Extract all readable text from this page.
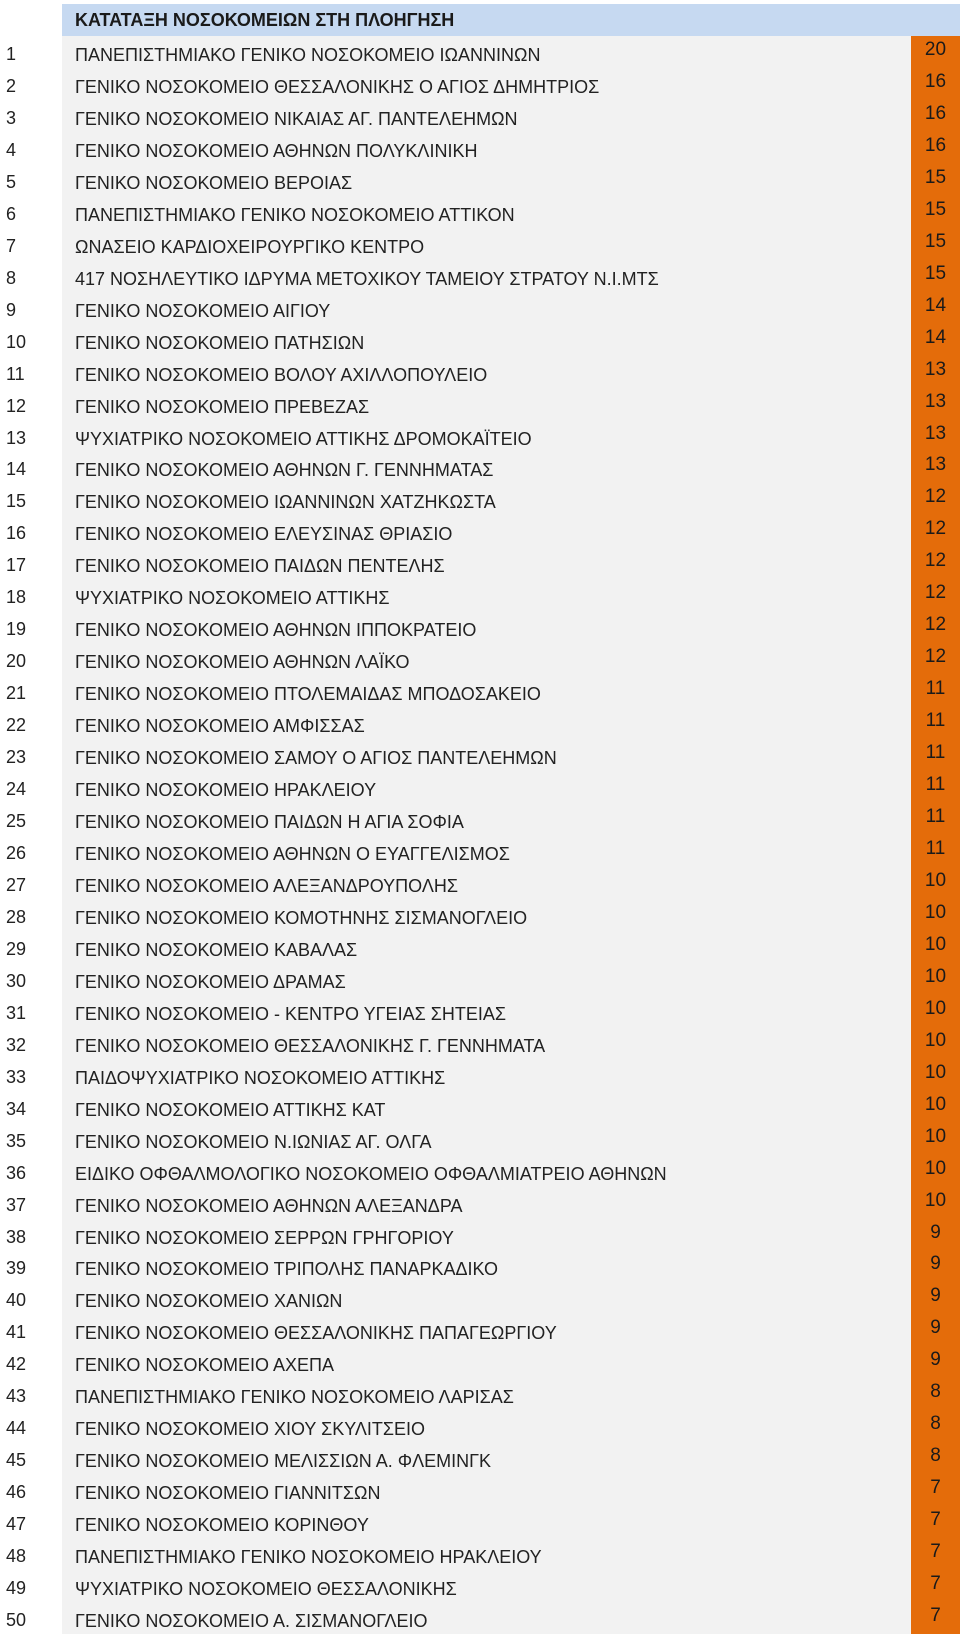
ΚΑΤΑΤΑΞΗ ΝΟΣΟΚΟΜΕΙΩΝ ΣΤΗ ΠΛΟΗΓΗΣΗ
1	ΠΑΝΕΠΙΣΤΗΜΙΑΚΟ ΓΕΝΙΚΟ ΝΟΣΟΚΟΜΕΙΟ ΙΩΑΝΝΙΝΩΝ	20
2	ΓΕΝΙΚΟ ΝΟΣΟΚΟΜΕΙΟ ΘΕΣΣΑΛΟΝΙΚΗΣ Ο ΑΓΙΟΣ ΔΗΜΗΤΡΙΟΣ	16
3	ΓΕΝΙΚΟ ΝΟΣΟΚΟΜΕΙΟ ΝΙΚΑΙΑΣ ΑΓ. ΠΑΝΤΕΛΕΗΜΩΝ	16
4	ΓΕΝΙΚΟ ΝΟΣΟΚΟΜΕΙΟ ΑΘΗΝΩΝ ΠΟΛΥΚΛΙΝΙΚΗ	16
5	ΓΕΝΙΚΟ ΝΟΣΟΚΟΜΕΙΟ ΒΕΡΟΙΑΣ	15
6	ΠΑΝΕΠΙΣΤΗΜΙΑΚΟ ΓΕΝΙΚΟ ΝΟΣΟΚΟΜΕΙΟ ΑΤΤΙΚΟΝ	15
7	ΩΝΑΣΕΙΟ ΚΑΡΔΙΟΧΕΙΡΟΥΡΓΙΚΟ ΚΕΝΤΡΟ	15
8	417 ΝΟΣΗΛΕΥΤΙΚΟ ΙΔΡΥΜΑ ΜΕΤΟΧΙΚΟΥ ΤΑΜΕΙΟΥ ΣΤΡΑΤΟΥ Ν.Ι.ΜΤΣ	15
9	ΓΕΝΙΚΟ ΝΟΣΟΚΟΜΕΙΟ ΑΙΓΙΟΥ	14
10	ΓΕΝΙΚΟ ΝΟΣΟΚΟΜΕΙΟ ΠΑΤΗΣΙΩΝ	14
11	ΓΕΝΙΚΟ ΝΟΣΟΚΟΜΕΙΟ ΒΟΛΟΥ ΑΧΙΛΛΟΠΟΥΛΕΙΟ	13
12	ΓΕΝΙΚΟ ΝΟΣΟΚΟΜΕΙΟ ΠΡΕΒΕΖΑΣ	13
13	ΨΥΧΙΑΤΡΙΚΟ ΝΟΣΟΚΟΜΕΙΟ ΑΤΤΙΚΗΣ ΔΡΟΜΟΚΑΪΤΕΙΟ	13
14	ΓΕΝΙΚΟ ΝΟΣΟΚΟΜΕΙΟ ΑΘΗΝΩΝ Γ. ΓΕΝΝΗΜΑΤΑΣ	13
15	ΓΕΝΙΚΟ ΝΟΣΟΚΟΜΕΙΟ ΙΩΑΝΝΙΝΩΝ ΧΑΤΖΗΚΩΣΤΑ	12
16	ΓΕΝΙΚΟ ΝΟΣΟΚΟΜΕΙΟ ΕΛΕΥΣΙΝΑΣ ΘΡΙΑΣΙΟ	12
17	ΓΕΝΙΚΟ ΝΟΣΟΚΟΜΕΙΟ ΠΑΙΔΩΝ ΠΕΝΤΕΛΗΣ	12
18	ΨΥΧΙΑΤΡΙΚΟ ΝΟΣΟΚΟΜΕΙΟ ΑΤΤΙΚΗΣ	12
19	ΓΕΝΙΚΟ ΝΟΣΟΚΟΜΕΙΟ ΑΘΗΝΩΝ ΙΠΠΟΚΡΑΤΕΙΟ	12
20	ΓΕΝΙΚΟ ΝΟΣΟΚΟΜΕΙΟ ΑΘΗΝΩΝ ΛΑΪΚΟ	12
21	ΓΕΝΙΚΟ ΝΟΣΟΚΟΜΕΙΟ ΠΤΟΛΕΜΑΙΔΑΣ ΜΠΟΔΟΣΑΚΕΙΟ	11
22	ΓΕΝΙΚΟ ΝΟΣΟΚΟΜΕΙΟ ΑΜΦΙΣΣΑΣ	11
23	ΓΕΝΙΚΟ ΝΟΣΟΚΟΜΕΙΟ ΣΑΜΟΥ Ο ΑΓΙΟΣ ΠΑΝΤΕΛΕΗΜΩΝ	11
24	ΓΕΝΙΚΟ ΝΟΣΟΚΟΜΕΙΟ ΗΡΑΚΛΕΙΟΥ	11
25	ΓΕΝΙΚΟ ΝΟΣΟΚΟΜΕΙΟ ΠΑΙΔΩΝ Η ΑΓΙΑ ΣΟΦΙΑ	11
26	ΓΕΝΙΚΟ ΝΟΣΟΚΟΜΕΙΟ ΑΘΗΝΩΝ Ο ΕΥΑΓΓΕΛΙΣΜΟΣ	11
27	ΓΕΝΙΚΟ ΝΟΣΟΚΟΜΕΙΟ ΑΛΕΞΑΝΔΡΟΥΠΟΛΗΣ	10
28	ΓΕΝΙΚΟ ΝΟΣΟΚΟΜΕΙΟ ΚΟΜΟΤΗΝΗΣ ΣΙΣΜΑΝΟΓΛΕΙΟ	10
29	ΓΕΝΙΚΟ ΝΟΣΟΚΟΜΕΙΟ ΚΑΒΑΛΑΣ	10
30	ΓΕΝΙΚΟ ΝΟΣΟΚΟΜΕΙΟ ΔΡΑΜΑΣ	10
31	ΓΕΝΙΚΟ ΝΟΣΟΚΟΜΕΙΟ - ΚΕΝΤΡΟ ΥΓΕΙΑΣ ΣΗΤΕΙΑΣ	10
32	ΓΕΝΙΚΟ ΝΟΣΟΚΟΜΕΙΟ ΘΕΣΣΑΛΟΝΙΚΗΣ Γ. ΓΕΝΝΗΜΑΤΑ	10
33	ΠΑΙΔΟΨΥΧΙΑΤΡΙΚΟ ΝΟΣΟΚΟΜΕΙΟ ΑΤΤΙΚΗΣ	10
34	ΓΕΝΙΚΟ ΝΟΣΟΚΟΜΕΙΟ ΑΤΤΙΚΗΣ ΚΑΤ	10
35	ΓΕΝΙΚΟ ΝΟΣΟΚΟΜΕΙΟ Ν.ΙΩΝΙΑΣ ΑΓ. ΟΛΓΑ	10
36	ΕΙΔΙΚΟ ΟΦΘΑΛΜΟΛΟΓΙΚΟ ΝΟΣΟΚΟΜΕΙΟ ΟΦΘΑΛΜΙΑΤΡΕΙΟ ΑΘΗΝΩΝ	10
37	ΓΕΝΙΚΟ ΝΟΣΟΚΟΜΕΙΟ ΑΘΗΝΩΝ ΑΛΕΞΑΝΔΡΑ	10
38	ΓΕΝΙΚΟ ΝΟΣΟΚΟΜΕΙΟ ΣΕΡΡΩΝ ΓΡΗΓΟΡΙΟΥ	9
39	ΓΕΝΙΚΟ ΝΟΣΟΚΟΜΕΙΟ ΤΡΙΠΟΛΗΣ ΠΑΝΑΡΚΑΔΙΚΟ	9
40	ΓΕΝΙΚΟ ΝΟΣΟΚΟΜΕΙΟ ΧΑΝΙΩΝ	9
41	ΓΕΝΙΚΟ ΝΟΣΟΚΟΜΕΙΟ ΘΕΣΣΑΛΟΝΙΚΗΣ ΠΑΠΑΓΕΩΡΓΙΟΥ	9
42	ΓΕΝΙΚΟ ΝΟΣΟΚΟΜΕΙΟ ΑΧΕΠΑ	9
43	ΠΑΝΕΠΙΣΤΗΜΙΑΚΟ ΓΕΝΙΚΟ ΝΟΣΟΚΟΜΕΙΟ ΛΑΡΙΣΑΣ	8
44	ΓΕΝΙΚΟ ΝΟΣΟΚΟΜΕΙΟ ΧΙΟΥ ΣΚΥΛΙΤΣΕΙΟ	8
45	ΓΕΝΙΚΟ ΝΟΣΟΚΟΜΕΙΟ ΜΕΛΙΣΣΙΩΝ Α. ΦΛΕΜΙΝΓΚ	8
46	ΓΕΝΙΚΟ ΝΟΣΟΚΟΜΕΙΟ ΓΙΑΝΝΙΤΣΩΝ	7
47	ΓΕΝΙΚΟ ΝΟΣΟΚΟΜΕΙΟ ΚΟΡΙΝΘΟΥ	7
48	ΠΑΝΕΠΙΣΤΗΜΙΑΚΟ ΓΕΝΙΚΟ ΝΟΣΟΚΟΜΕΙΟ ΗΡΑΚΛΕΙΟΥ	7
49	ΨΥΧΙΑΤΡΙΚΟ ΝΟΣΟΚΟΜΕΙΟ ΘΕΣΣΑΛΟΝΙΚΗΣ	7
50	ΓΕΝΙΚΟ ΝΟΣΟΚΟΜΕΙΟ Α. ΣΙΣΜΑΝΟΓΛΕΙΟ	7
